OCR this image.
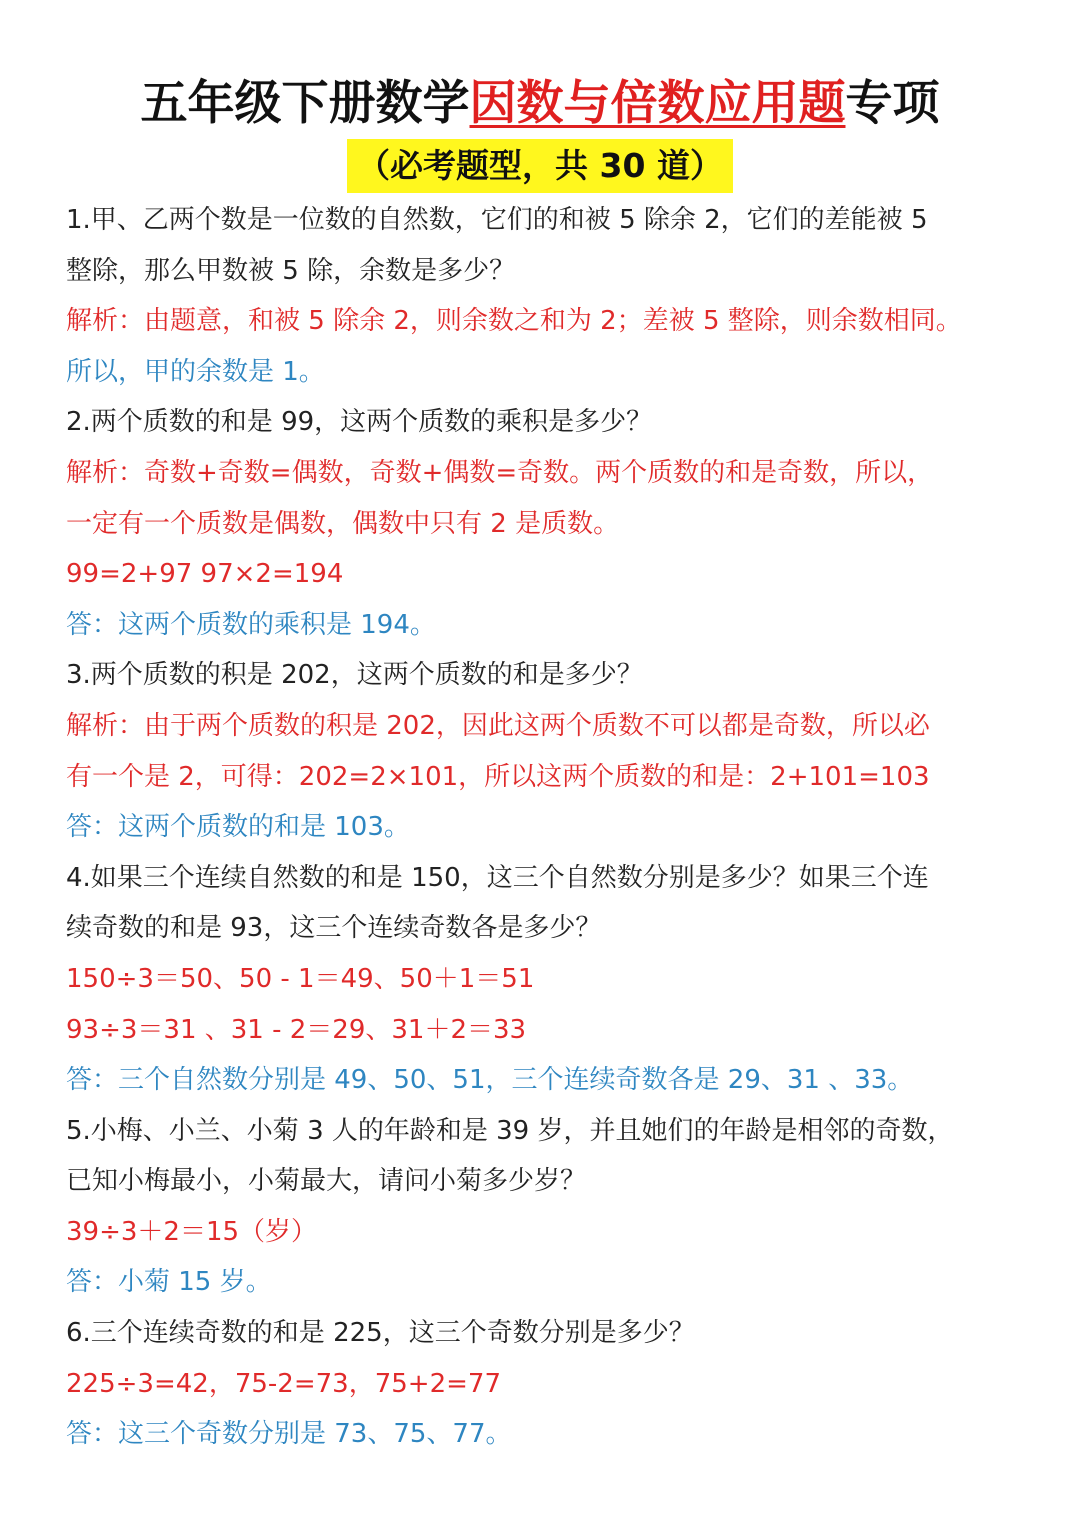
五年级下册数学因数与倍数应用题专项
（必考题型，共 30 道）
1.甲、乙两个数是一位数的自然数，它们的和被 5 除余 2，它们的差能被 5
整除，那么甲数被 5 除，余数是多少？
解析：由题意，和被 5 除余 2，则余数之和为 2；差被 5 整除，则余数相同。
所以，甲的余数是 1。
2.两个质数的和是 99，这两个质数的乘积是多少？
解析：奇数+奇数=偶数，奇数+偶数=奇数。两个质数的和是奇数，所以，
一定有一个质数是偶数，偶数中只有 2 是质数。
99=2+97 97×2=194
答：这两个质数的乘积是 194。
3.两个质数的积是 202，这两个质数的和是多少？
解析：由于两个质数的积是 202，因此这两个质数不可以都是奇数，所以必
有一个是 2，可得：202=2×101，所以这两个质数的和是：2+101=103
答：这两个质数的和是 103。
4.如果三个连续自然数的和是 150，这三个自然数分别是多少？如果三个连
续奇数的和是 93，这三个连续奇数各是多少？
150÷3＝50、50 - 1＝49、50＋1＝51
93÷3＝31 、31 - 2＝29、31＋2＝33
答：三个自然数分别是 49、50、51，三个连续奇数各是 29、31 、33。
5.小梅、小兰、小菊 3 人的年龄和是 39 岁，并且她们的年龄是相邻的奇数，
已知小梅最小，小菊最大，请问小菊多少岁？
39÷3＋2＝15（岁）
答：小菊 15 岁。
6.三个连续奇数的和是 225，这三个奇数分别是多少？
225÷3=42，75-2=73，75+2=77
答：这三个奇数分别是 73、75、77。
